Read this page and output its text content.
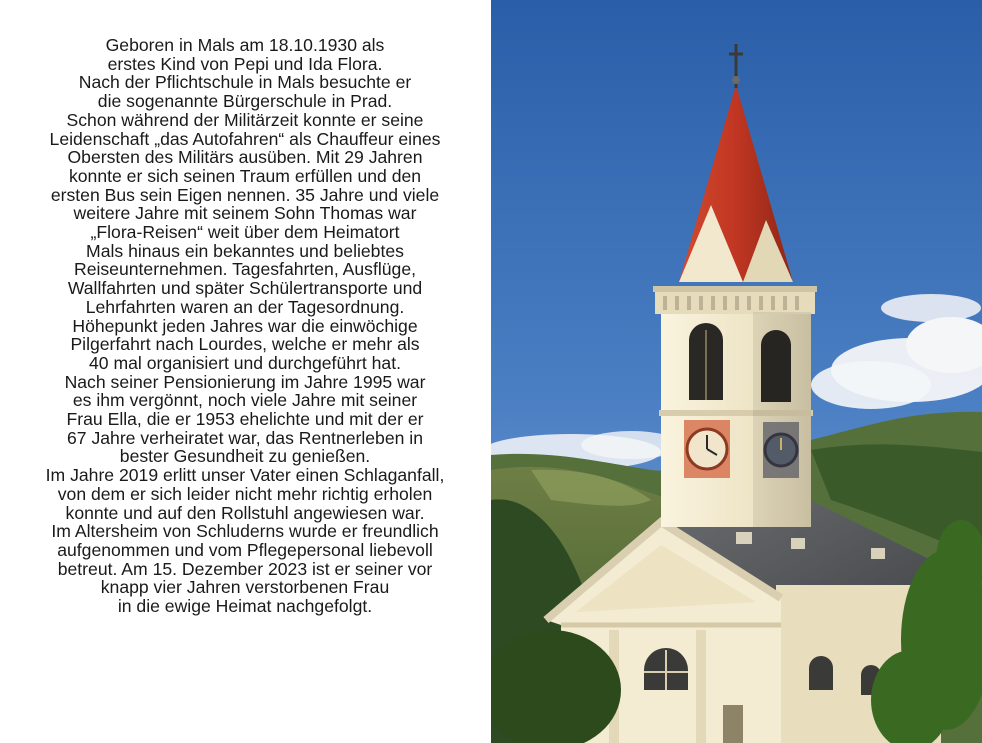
Geboren in Mals am 18.10.1930 als
erstes Kind von Pepi und Ida Flora.
Nach der Pflichtschule in Mals besuchte er
die sogenannte Bürgerschule in Prad.
Schon während der Militärzeit konnte er seine
Leidenschaft „das Autofahren“ als Chauffeur eines
Obersten des Militärs ausüben. Mit 29 Jahren
konnte er sich seinen Traum erfüllen und den
ersten Bus sein Eigen nennen. 35 Jahre und viele
weitere Jahre mit seinem Sohn Thomas war
„Flora-Reisen“ weit über dem Heimatort
Mals hinaus ein bekanntes und beliebtes
Reiseunternehmen. Tagesfahrten, Ausflüge,
Wallfahrten und später Schülertransporte und
Lehrfahrten waren an der Tagesordnung.
Höhepunkt jeden Jahres war die einwöchige
Pilgerfahrt nach Lourdes, welche er mehr als
40 mal organisiert und durchgeführt hat.
Nach seiner Pensionierung im Jahre 1995 war
es ihm vergönnt, noch viele Jahre mit seiner
Frau Ella, die er 1953 ehelichte und mit der er
67 Jahre verheiratet war, das Rentnerleben in
bester Gesundheit zu genießen.
Im Jahre 2019 erlitt unser Vater einen Schlaganfall,
von dem er sich leider nicht mehr richtig erholen
konnte und auf den Rollstuhl angewiesen war.
Im Altersheim von Schluderns wurde er freundlich
aufgenommen und vom Pflegepersonal liebevoll
betreut. Am 15. Dezember 2023 ist er seiner vor
knapp vier Jahren verstorbenen Frau
in die ewige Heimat nachgefolgt.
